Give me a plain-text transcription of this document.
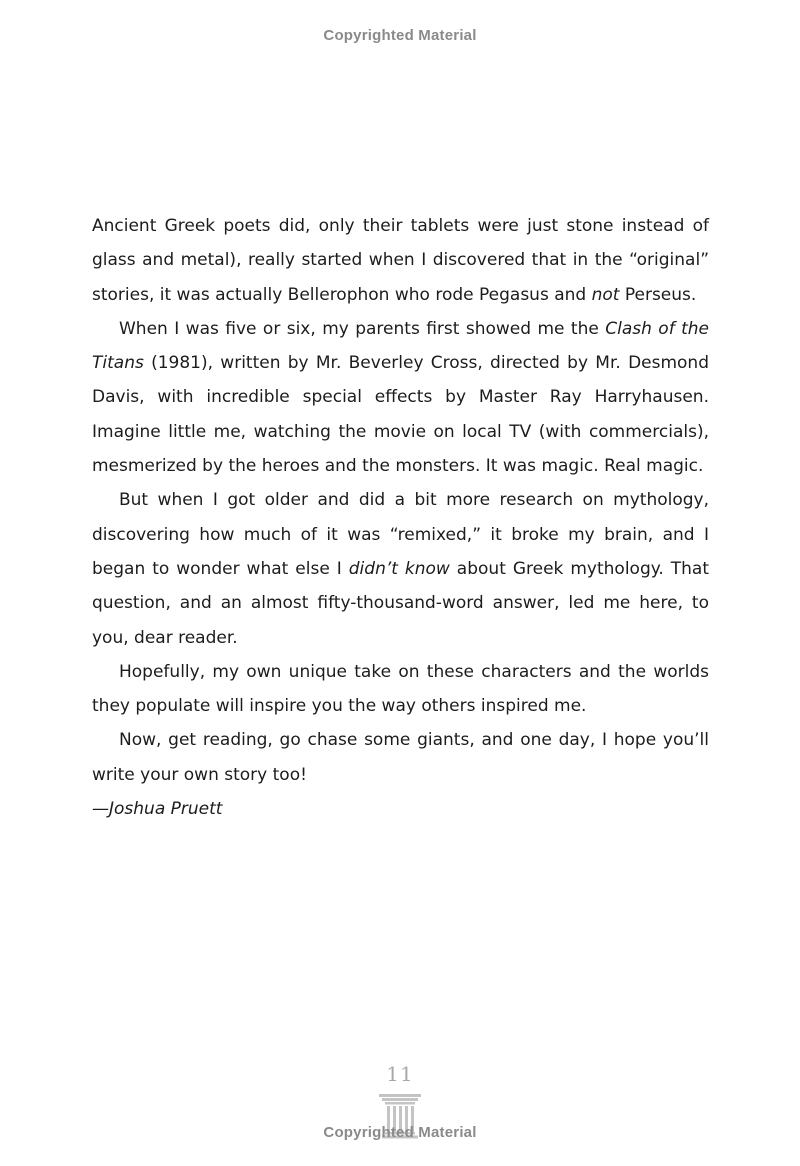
Copyrighted Material

Ancient Greek poets did, only their tablets were just stone instead of glass and metal), really started when I discovered that in the “original” stories, it was actually Bellerophon who rode Pegasus and not Perseus.

When I was five or six, my parents first showed me the Clash of the Titans (1981), written by Mr. Beverley Cross, directed by Mr. Desmond Davis, with incredible special effects by Master Ray Harryhausen. Imagine little me, watching the movie on local TV (with commercials), mesmerized by the heroes and the monsters. It was magic. Real magic.

But when I got older and did a bit more research on mythology, discovering how much of it was “remixed,” it broke my brain, and I began to wonder what else I didn’t know about Greek mythology. That question, and an almost fifty-thousand-word answer, led me here, to you, dear reader.

Hopefully, my own unique take on these characters and the worlds they populate will inspire you the way others inspired me.

Now, get reading, go chase some giants, and one day, I hope you’ll write your own story too!

—Joshua Pruett

11
Copyrighted Material
